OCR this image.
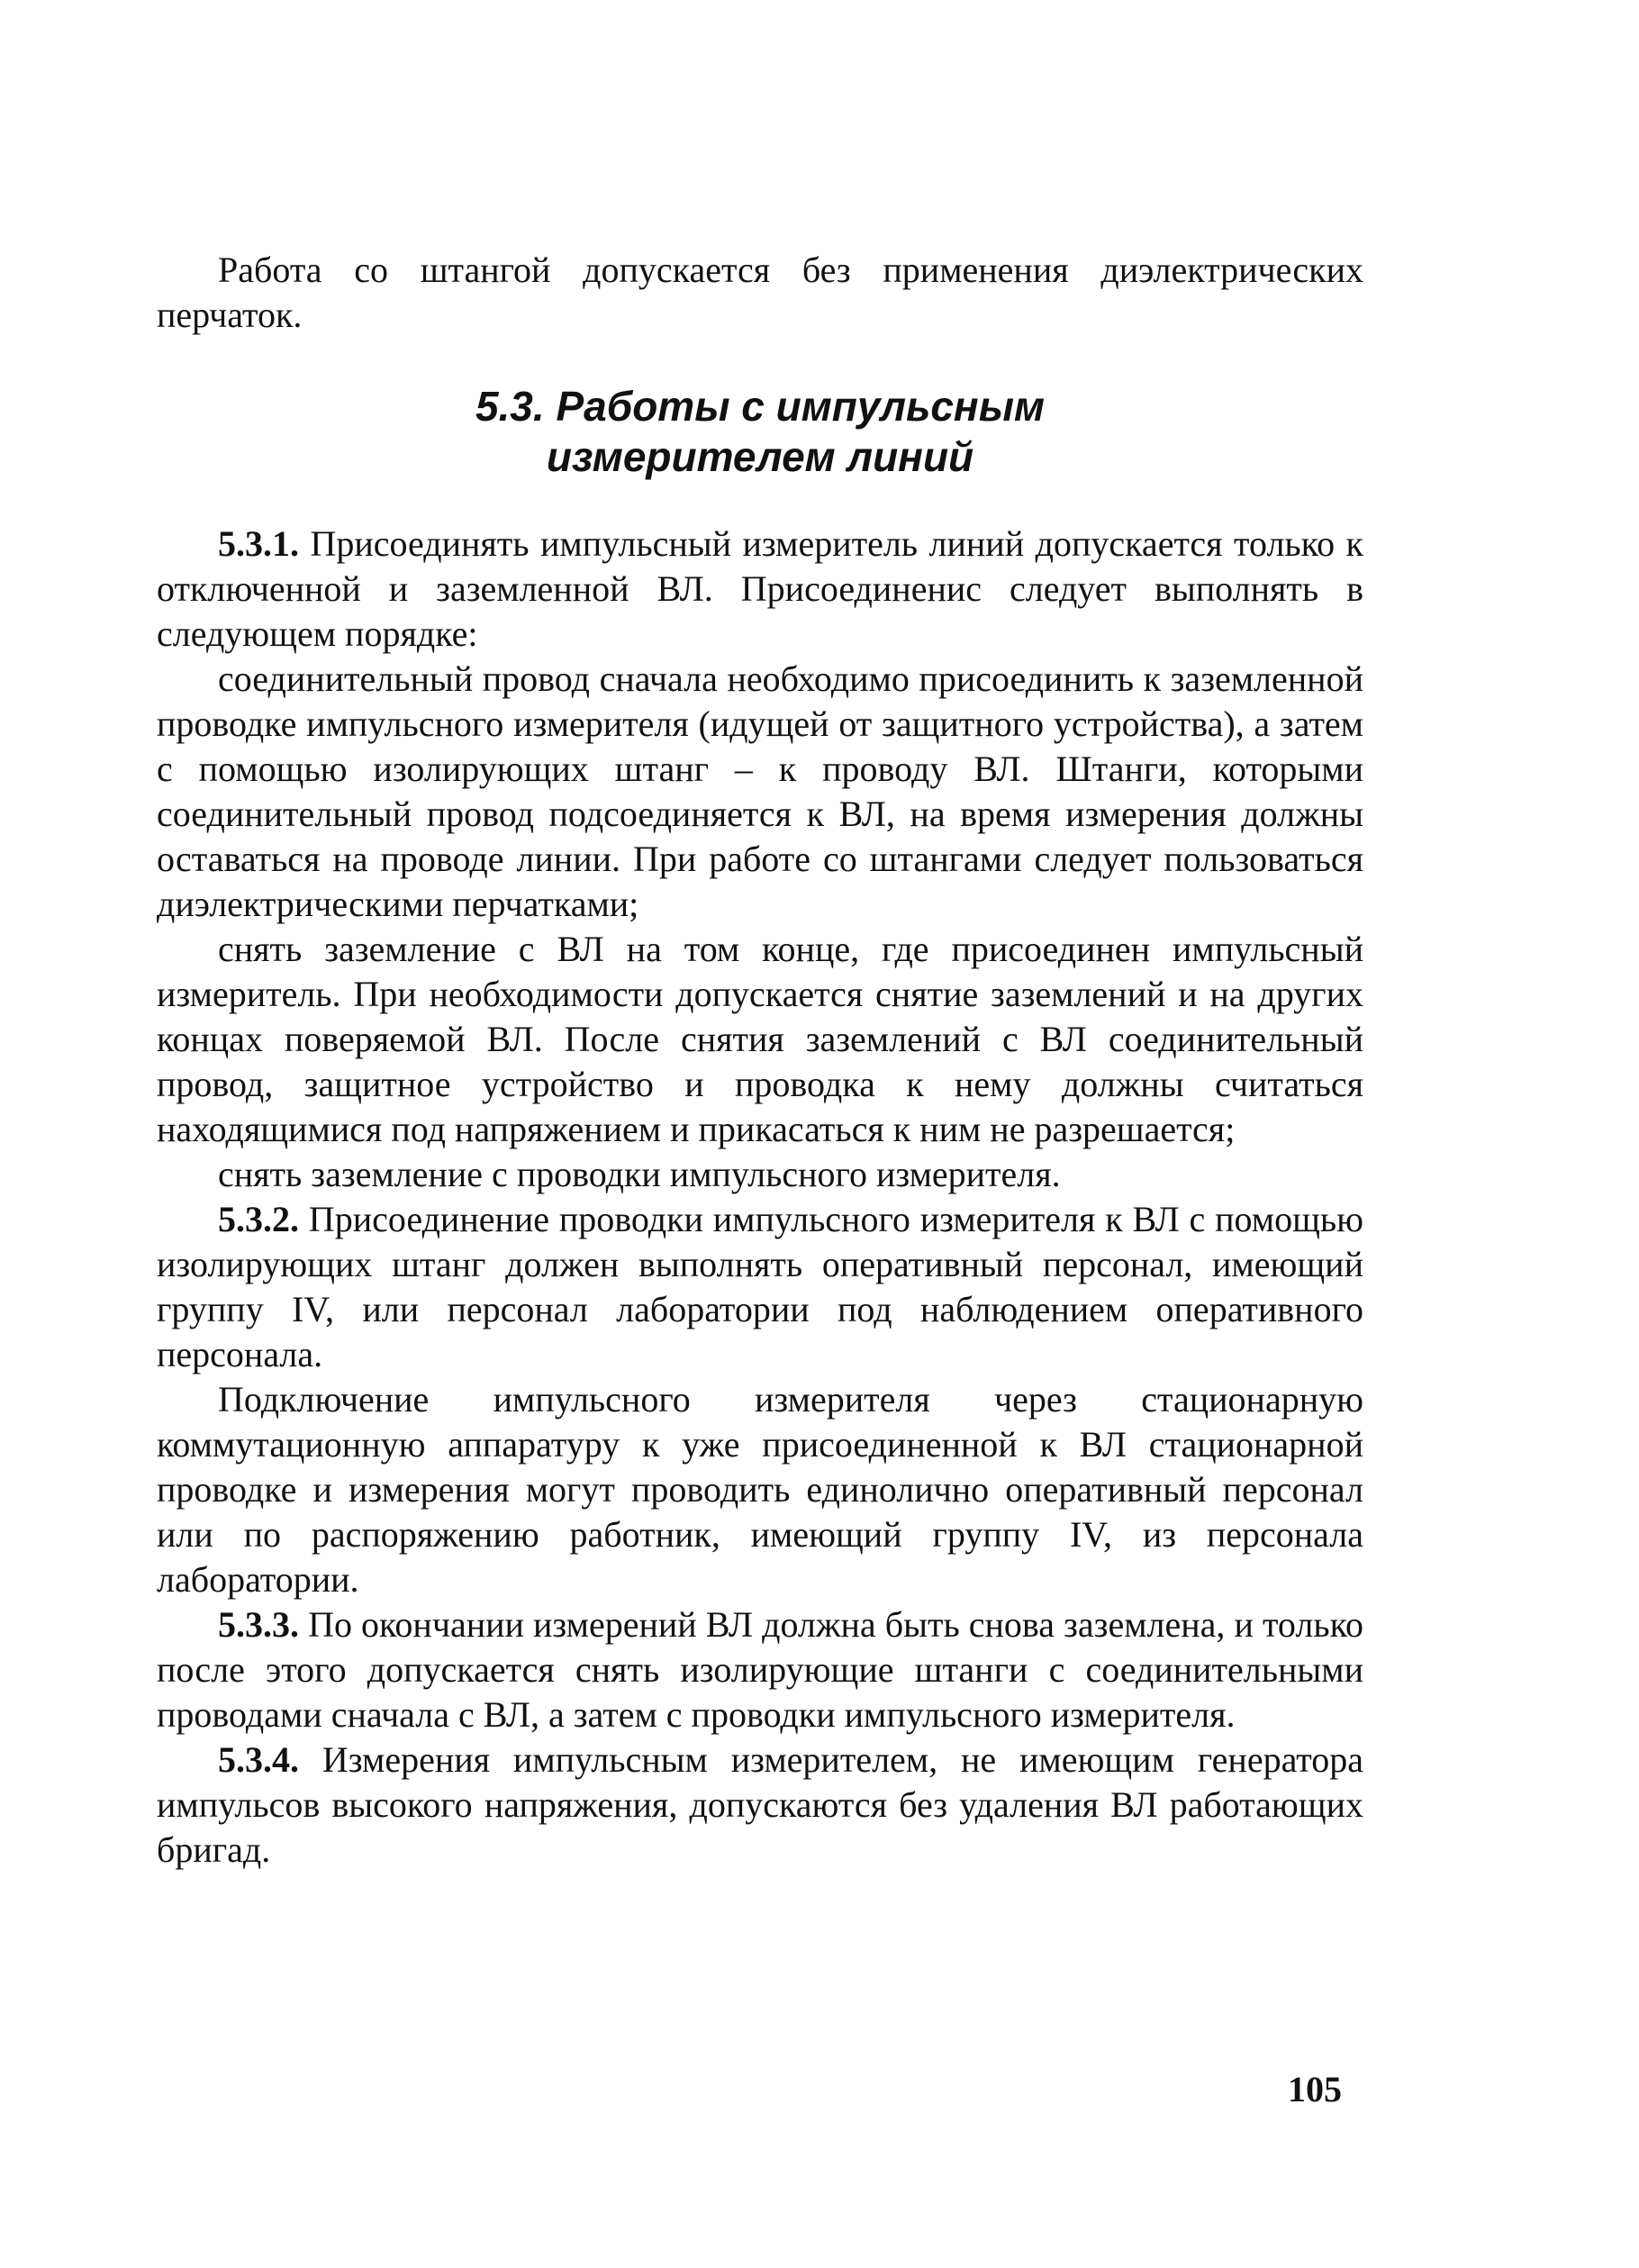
Работа со штангой допускается без применения диэлектрических перчаток.

5.3. Работы с импульсным
измерителем линий

5.3.1. Присоединять импульсный измеритель линий допускается только к отключенной и заземленной ВЛ. Присоединенис следует выполнять в следующем порядке:

соединительный провод сначала необходимо присоединить к заземленной проводке импульсного измерителя (идущей от защитного устройства), а затем с помощью изолирующих штанг – к проводу ВЛ. Штанги, которыми соединительный провод подсоединяется к ВЛ, на время измерения должны оставаться на проводе линии. При работе со штангами следует пользоваться диэлектрическими перчатками;

снять заземление с ВЛ на том конце, где присоединен импульсный измеритель. При необходимости допускается снятие заземлений и на других концах поверяемой ВЛ. После снятия заземлений с ВЛ соединительный провод, защитное устройство и проводка к нему должны считаться находящимися под напряжением и прикасаться к ним не разрешается;

снять заземление с проводки импульсного измерителя.

5.3.2. Присоединение проводки импульсного измерителя к ВЛ с помощью изолирующих штанг должен выполнять оперативный персонал, имеющий группу IV, или персонал лаборатории под наблюдением оперативного персонала.

Подключение импульсного измерителя через стационарную коммутационную аппаратуру к уже присоединенной к ВЛ стационарной проводке и измерения могут проводить единолично оперативный персонал или по распоряжению работник, имеющий группу IV, из персонала лаборатории.

5.3.3. По окончании измерений ВЛ должна быть снова заземлена, и только после этого допускается снять изолирующие штанги с соединительными проводами сначала с ВЛ, а затем с проводки импульсного измерителя.

5.3.4. Измерения импульсным измерителем, не имеющим генератора импульсов высокого напряжения, допускаются без удаления ВЛ работающих бригад.

105
